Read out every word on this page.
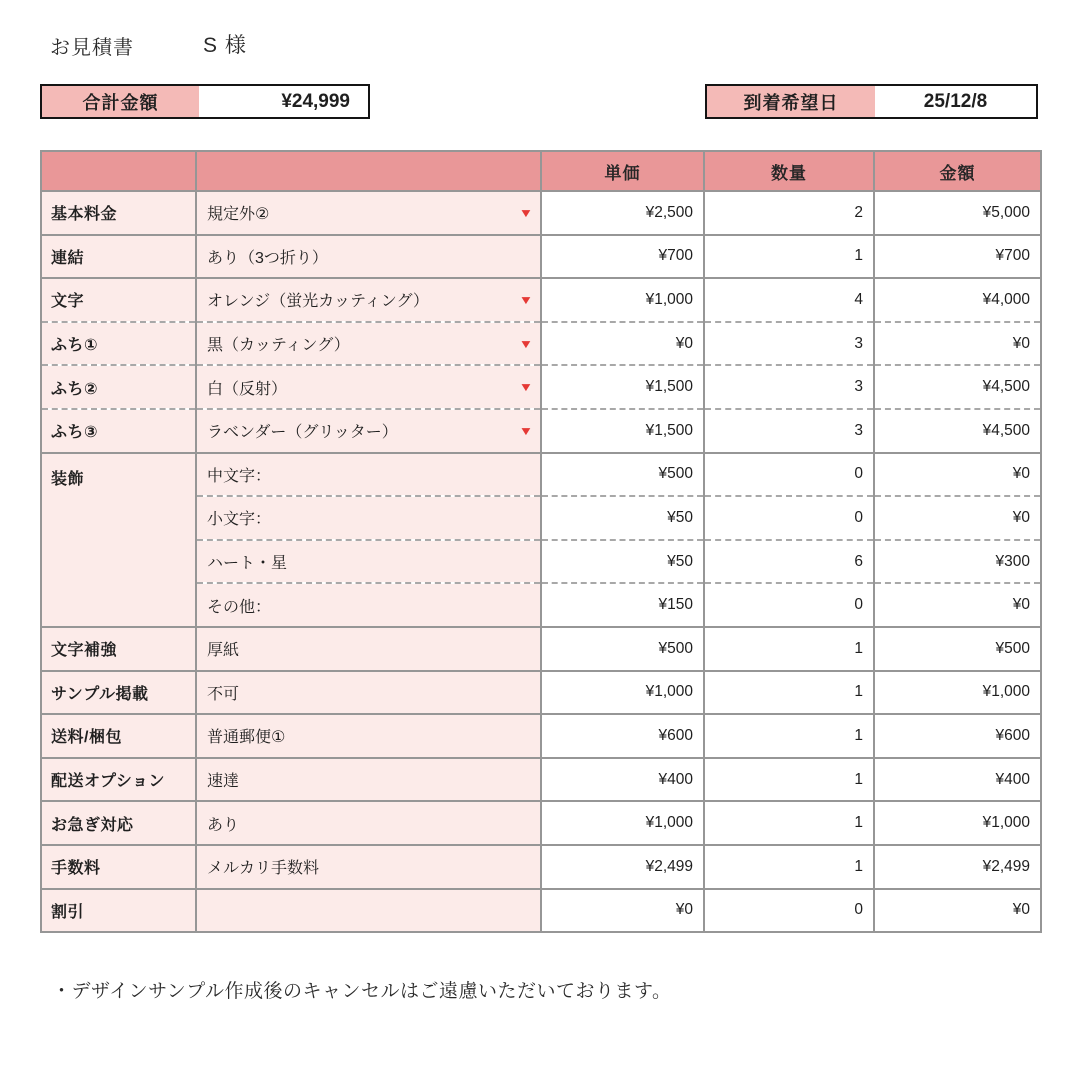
お見積書	S 様
合計金額	¥24,999	到着希望日	25/12/8
		単価	数量	金額
基本料金	規定外② ▼	¥2,500	2	¥5,000
連結	あり（3つ折り）	¥700	1	¥700
文字	オレンジ（蛍光カッティング） ▼	¥1,000	4	¥4,000
ふち①	黒（カッティング） ▼	¥0	3	¥0
ふち②	白（反射） ▼	¥1,500	3	¥4,500
ふち③	ラベンダー（グリッター） ▼	¥1,500	3	¥4,500
装飾	中文字：	¥500	0	¥0

	小文字：	¥50	0	¥0

	ハート・星	¥50	6	¥300

	その他：	¥150	0	¥0
文字補強	厚紙	¥500	1	¥500
サンプル掲載	不可	¥1,000	1	¥1,000
送料/梱包	普通郵便①	¥600	1	¥600
配送オプション	速達	¥400	1	¥400
お急ぎ対応	あり	¥1,000	1	¥1,000
手数料	メルカリ手数料	¥2,499	1	¥2,499
割引		¥0	0	¥0
・デザインサンプル作成後のキャンセルはご遠慮いただいております。
